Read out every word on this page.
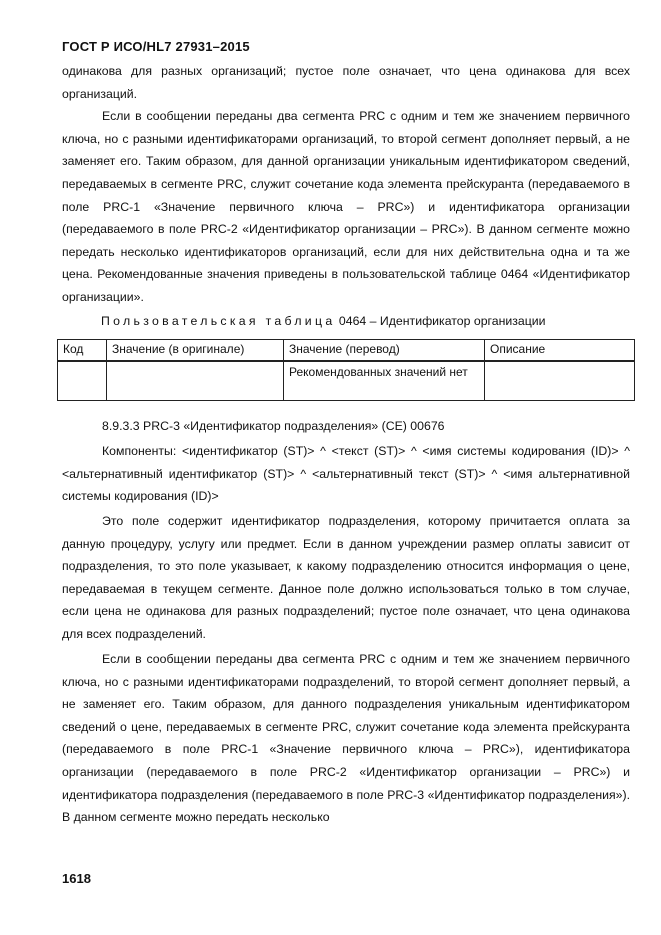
ГОСТ Р ИСО/HL7 27931–2015

одинакова для разных организаций; пустое поле означает, что цена одинакова для всех организаций.

Если в сообщении переданы два сегмента PRC с одним и тем же значением первичного ключа, но с разными идентификаторами организаций, то второй сегмент дополняет первый, а не заменяет его. Таким образом, для данной организации уникальным идентификатором сведений, передаваемых в сегменте PRC, служит сочетание кода элемента прейскуранта (передаваемого в поле PRC-1 «Значение первичного ключа – PRC») и идентификатора организации (передаваемого в поле PRC-2 «Идентификатор организации – PRC»). В данном сегменте можно передать несколько идентификаторов организаций, если для них действительна одна и та же цена. Рекомендованные значения приведены в пользовательской таблице 0464 «Идентификатор организации».

Пользовательская таблица 0464 – Идентификатор организации
Код	Значение (в оригинале)	Значение (перевод)	Описание
		Рекомендованных значений нет	
8.9.3.3 PRC-3 «Идентификатор подразделения» (CE) 00676

Компоненты: <идентификатор (ST)> ^ <текст (ST)> ^ <имя системы кодирования (ID)> ^ <альтернативный идентификатор (ST)> ^ <альтернативный текст (ST)> ^ <имя альтернативной системы кодирования (ID)>

Это поле содержит идентификатор подразделения, которому причитается оплата за данную процедуру, услугу или предмет. Если в данном учреждении размер оплаты зависит от подразделения, то это поле указывает, к какому подразделению относится информация о цене, передаваемая в текущем сегменте. Данное поле должно использоваться только в том случае, если цена не одинакова для разных подразделений; пустое поле означает, что цена одинакова для всех подразделений.

Если в сообщении переданы два сегмента PRC с одним и тем же значением первичного ключа, но с разными идентификаторами подразделений, то второй сегмент дополняет первый, а не заменяет его. Таким образом, для данного подразделения уникальным идентификатором сведений о цене, передаваемых в сегменте PRC, служит сочетание кода элемента прейскуранта (передаваемого в поле PRC-1 «Значение первичного ключа – PRC»), идентификатора организации (передаваемого в поле PRC-2 «Идентификатор организации – PRC») и идентификатора подразделения (передаваемого в поле PRC-3 «Идентификатор подразделения»). В данном сегменте можно передать несколько

1618
